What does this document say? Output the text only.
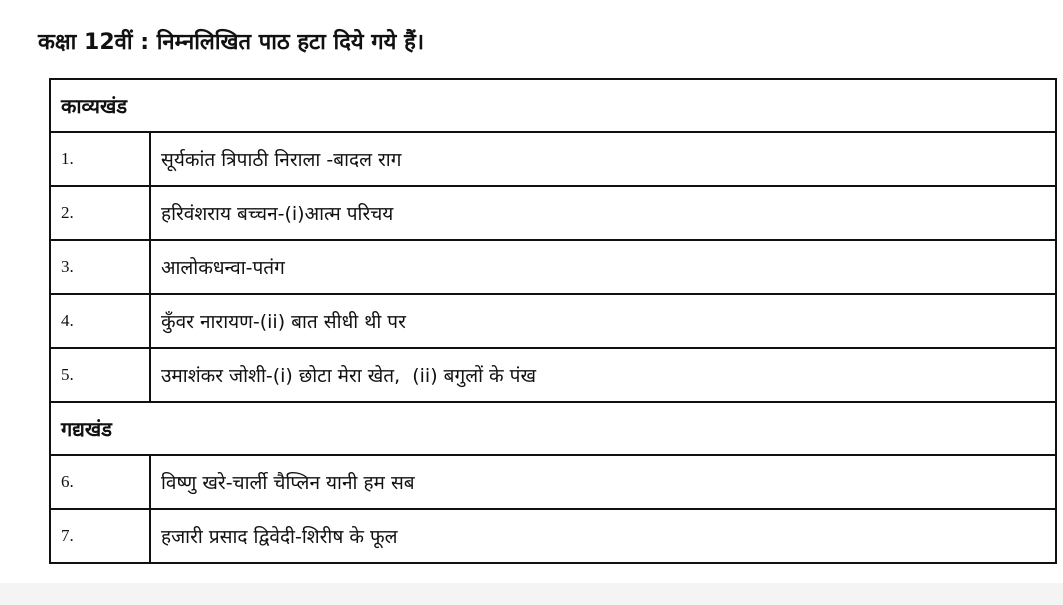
कक्षा 12वीं : निम्नलिखित पाठ हटा दिये गये हैं।
काव्यखंड	
1.	सूर्यकांत त्रिपाठी निराला -बादल राग
2.	हरिवंशराय बच्चन-(i)आत्म परिचय
3.	आलोकधन्वा-पतंग
4.	कुँवर नारायण-(ii) बात सीधी थी पर
5.	उमाशंकर जोशी-(i) छोटा मेरा खेत,  (ii) बगुलों के पंख
गद्यखंड	
6.	विष्णु खरे-चार्ली चैप्लिन यानी हम सब
7.	हजारी प्रसाद द्विवेदी-शिरीष के फूल
